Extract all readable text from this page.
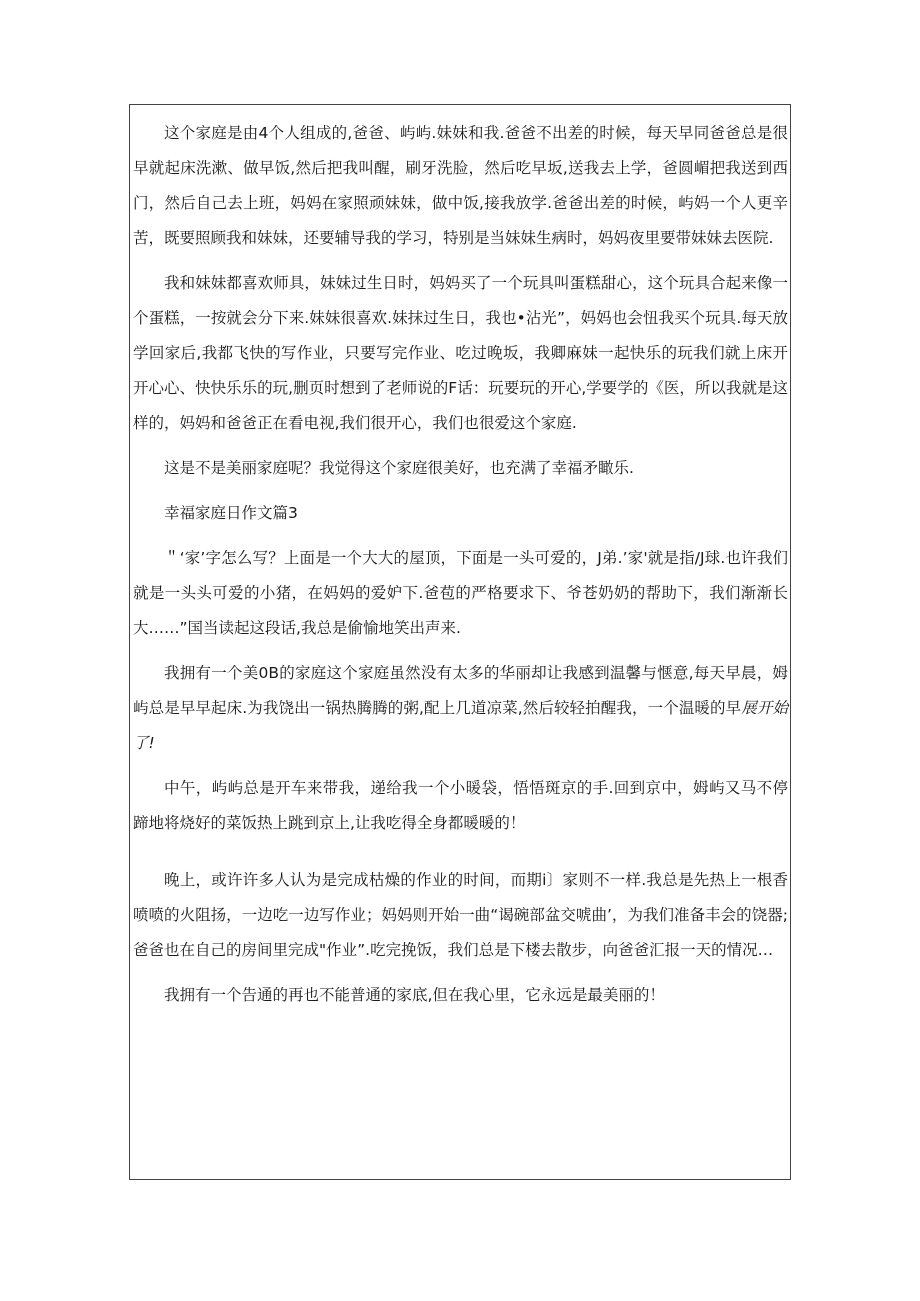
这个家庭是由4个人组成的,爸爸、屿屿.妹妹和我.爸爸不出差的时候，每天早同爸爸总是很早就起床洗漱、做早饭,然后把我叫醒，刷牙洗脸，然后吃早坂,送我去上学，爸圆嵋把我送到西门，然后自己去上班，妈妈在家照顽妹妹，做中饭,接我放学.爸爸出差的时候，屿妈一个人更辛苦，既要照顾我和妹妹，还要辅导我的学习，特别是当妹妹生病时，妈妈夜里要带妹妹去医院.

我和妹妹都喜欢师具，妹妹过生日时，妈妈买了一个玩具叫蛋糕甜心，这个玩具合起来像一个蛋糕，一按就会分下来.妹妹很喜欢.妹抹过生日，我也•沾光”，妈妈也会忸我买个玩具.每天放学回家后,我都飞快的写作业，只要写完作业、吃过晚坂，我卿麻妹一起快乐的玩我们就上床开开心心、快快乐乐的玩,删页时想到了老师说的F话：玩要玩的开心,学要学的《医，所以我就是这样的，妈妈和爸爸正在看电视,我们很开心，我们也很爱这个家庭.

这是不是美丽家庭呢？我觉得这个家庭很美好，也充满了幸福矛瞰乐.

幸福家庭日作文篇3

＂‘家’字怎么写？上面是一个大大的屋顶，下面是一头可爱的，J弟.’家'就是指/J球.也许我们就是一头头可爱的小猪，在妈妈的爱妒下.爸苞的严格要求下、爷苍奶奶的帮助下，我们渐渐长大……”国当读起这段话,我总是偷愉地笑出声来.

我拥有一个美0B的家庭这个家庭虽然没有太多的华丽却让我感到温馨与惬意,每天早晨，姆屿总是早早起床.为我饶出一锅热腾腾的粥,配上几道凉菜,然后较轻拍醒我，一个温暖的早展开始了!

中午，屿屿总是开车来带我，递给我一个小暖袋，悟悟斑京的手.回到京中，姆屿又马不停蹄地将烧好的菜饭热上跳到京上,让我吃得全身都暖暖的！

晚上，或许许多人认为是完成枯燥的作业的时间，而期i〕家则不一样.我总是先热上一根香喷喷的火阻扬，一边吃一边写作业；妈妈则开始一曲“谒碗部盆交唬曲’，为我们准备丰会的饶器;爸爸也在自己的房间里完成"作业”.吃完挽饭，我们总是下楼去散步，向爸爸汇报一天的情况…

我拥有一个告通的再也不能普通的家底,但在我心里，它永远是最美丽的！
